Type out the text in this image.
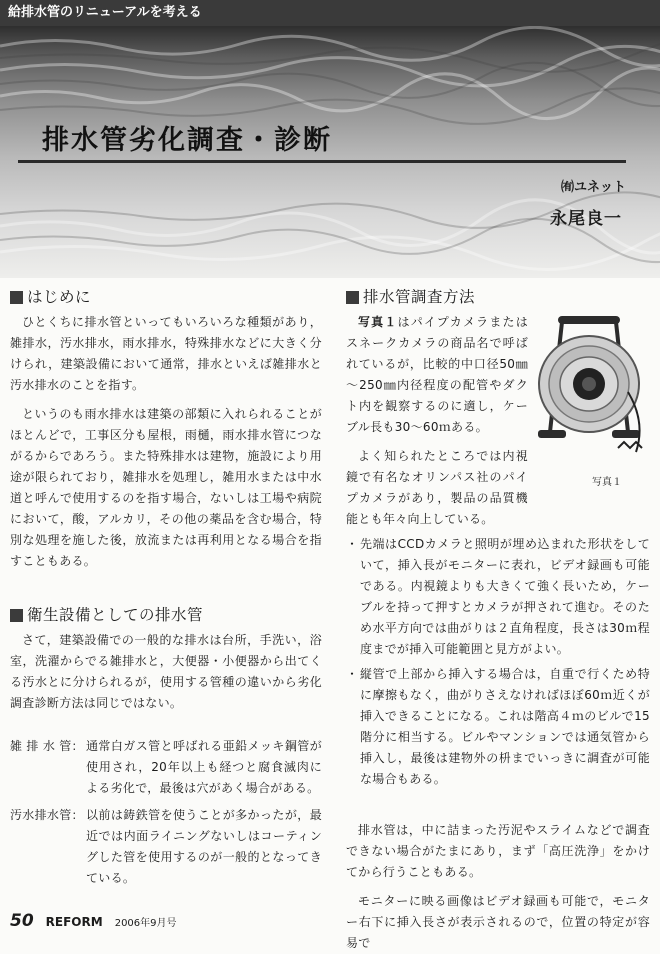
給排水管のリニューアルを考える
排水管劣化調査・診断
㈲ユネット
永尾良一
はじめに

ひとくちに排水管といってもいろいろな種類があり，雑排水，汚水排水，雨水排水，特殊排水などに大きく分けられ，建築設備において通常，排水といえば雑排水と汚水排水のことを指す。

というのも雨水排水は建築の部類に入れられることがほとんどで，工事区分も屋根，雨樋，雨水排水管につながるからであろう。また特殊排水は建物，施設により用途が限られており，雑排水を処理し，雑用水または中水道と呼んで使用するのを指す場合，ないしは工場や病院において，酸，アルカリ，その他の薬品を含む場合，特別な処理を施した後，放流または再利用となる場合を指すこともある。

衛生設備としての排水管

さて，建築設備での一般的な排水は台所，手洗い，浴室，洗濯からでる雑排水と，大便器・小便器から出てくる汚水とに分けられるが，使用する管種の違いから劣化調査診断方法は同じではない。

雑 排 水 管： 通常白ガス管と呼ばれる亜鉛メッキ鋼管が使用され，20年以上も経つと腐食滅肉による劣化で，最後は穴があく場合がある。
汚水排水管： 以前は鋳鉄管を使うことが多かったが，最近では内面ライニングないしはコーティングした管を使用するのが一般的となってきている。
排水管調査方法

写真１はパイプカメラまたはスネークカメラの商品名で呼ばれているが，比較的中口径50㎜～250㎜内径程度の配管やダクト内を観察するのに適し，ケーブル長も30～60ｍある。

よく知られたところでは内視鏡で有名なオリンパス社のパイプカメラがあり，製品の品質機能とも年々向上している。

写真１
・ 先端はCCDカメラと照明が埋め込まれた形状をしていて，挿入長がモニターに表れ，ビデオ録画も可能である。内視鏡よりも大きくて強く長いため，ケーブルを持って押すとカメラが押されて進む。そのため水平方向では曲がりは２直角程度，長さは30ｍ程度までが挿入可能範囲と見方がよい。
・ 縦管で上部から挿入する場合は，自重で行くため特に摩擦もなく，曲がりさえなければほぼ60ｍ近くが挿入できることになる。これは階高４ｍのビルで15階分に相当する。ビルやマンションでは通気管から挿入し，最後は建物外の枡までいっきに調査が可能な場合もある。

排水管は，中に詰まった汚泥やスライムなどで調査できない場合がたまにあり，まず「高圧洗浄」をかけてから行うこともある。

モニターに映る画像はビデオ録画も可能で，モニター右下に挿入長さが表示されるので，位置の特定が容易で

50 REFORM 2006年9月号
